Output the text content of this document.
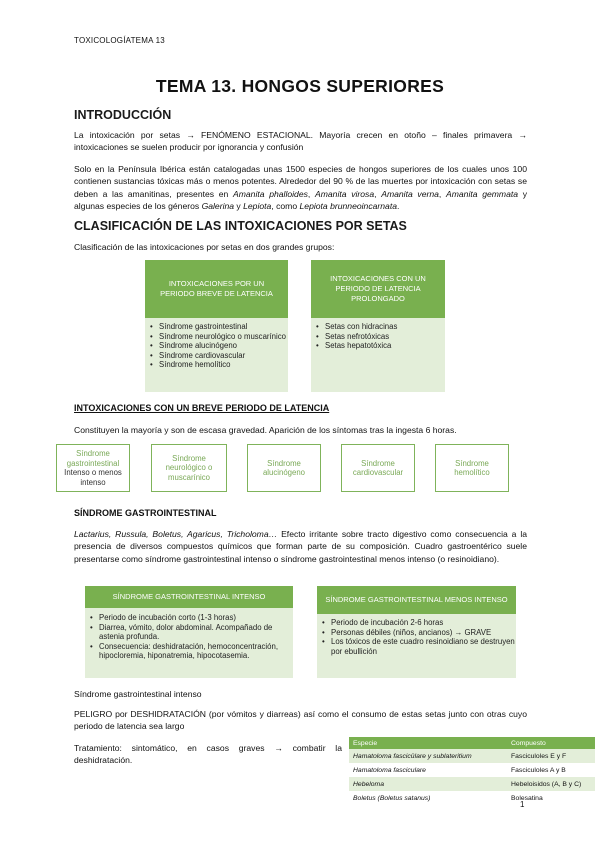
TOXICOLOGÍATEMA 13
TEMA 13. HONGOS SUPERIORES
INTRODUCCIÓN
La intoxicación por setas → FENÓMENO ESTACIONAL. Mayoría crecen en otoño – finales primavera → intoxicaciones se suelen producir por ignorancia y confusión
Solo en la Península Ibérica están catalogadas unas 1500 especies de hongos superiores de los cuales unos 100 contienen sustancias tóxicas más o menos potentes. Alrededor del 90 % de las muertes por intoxicación con setas se deben a las amanitinas, presentes en Amanita phalloides, Amanita virosa, Amanita verna, Amanita gemmata y algunas especies de los géneros Galerina y Lepiota, como Lepiota brunneoincarnata.
CLASIFICACIÓN DE LAS INTOXICACIONES POR SETAS
Clasificación de las intoxicaciones por setas en dos grandes grupos:
INTOXICACIONES POR UN PERIODO BREVE DE LATENCIA
• Síndrome gastrointestinal
• Síndrome neurológico o muscarínico
• Síndrome alucinógeno
• Síndrome cardiovascular
• Síndrome hemolítico
INTOXICACIONES CON UN PERIODO DE LATENCIA PROLONGADO
• Setas con hidracinas
• Setas nefrotóxicas
• Setas hepatotóxica
INTOXICACIONES CON UN BREVE PERIODO DE LATENCIA
Constituyen la mayoría y son de escasa gravedad. Aparición de los síntomas tras la ingesta 6 horas.
Síndrome gastrointestinal
Intenso o menos intenso
Síndrome neurológico o muscarínico
Síndrome alucinógeno
Síndrome cardiovascular
Síndrome hemolítico
SÍNDROME GASTROINTESTINAL
Lactarius, Russula, Boletus, Agaricus, Tricholoma… Efecto irritante sobre tracto digestivo como consecuencia a la presencia de diversos compuestos químicos que forman parte de su composición. Cuadro gastroentérico suele presentarse como síndrome gastrointestinal intenso o síndrome gastrointestinal menos intenso (o resinoidiano).
SÍNDROME GASTROINTESTINAL INTENSO
• Periodo de incubación corto (1-3 horas)
• Diarrea, vómito, dolor abdominal. Acompañado de astenia profunda.
• Consecuencia: deshidratación, hemoconcentración, hipocloremia, hiponatremia, hipocotasemia.
SÍNDROME GASTROINTESTINAL MENOS INTENSO
• Periodo de incubación 2-6 horas
• Personas débiles (niños, ancianos) → GRAVE
• Los tóxicos de este cuadro resinoidiano se destruyen por ebullición
Síndrome gastrointestinal intenso
PELIGRO por DESHIDRATACIÓN (por vómitos y diarreas) así como el consumo de estas setas junto con otras cuyo periodo de latencia sea largo
Tratamiento: sintomático, en casos graves → combatir la deshidratación.
Especie	Compuesto
Hamatoloma fascicülare y sublateritium	Fasciculoles E y F
Hamatoloma fasciculare	Fasciculoles A y B
Hebeloma	Hebeloisidos (A, B y C)
Boletus (Boletus satanus)	Bolesatina
1
